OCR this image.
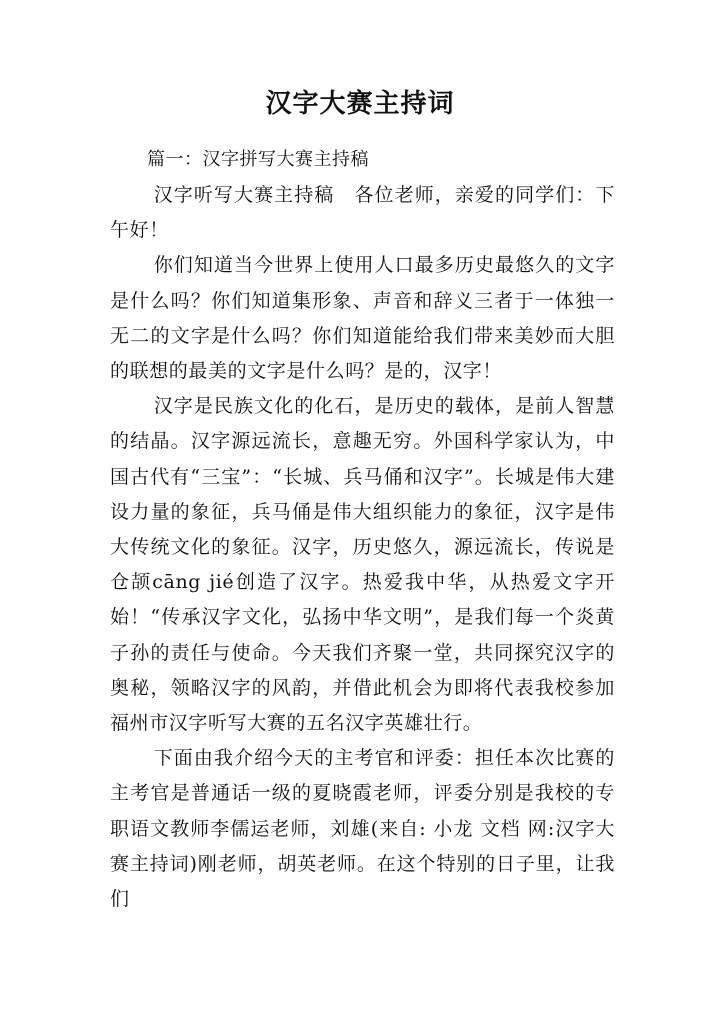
汉字大赛主持词
篇一：汉字拼写大赛主持稿

汉字听写大赛主持稿　各位老师，亲爱的同学们：下午好！

你们知道当今世界上使用人口最多历史最悠久的文字是什么吗？你们知道集形象、声音和辞义三者于一体独一无二的文字是什么吗？你们知道能给我们带来美妙而大胆的联想的最美的文字是什么吗？是的，汉字！

汉字是民族文化的化石，是历史的载体，是前人智慧的结晶。汉字源远流长，意趣无穷。外国科学家认为，中国古代有“三宝”：“长城、兵马俑和汉字”。长城是伟大建设力量的象征，兵马俑是伟大组织能力的象征，汉字是伟大传统文化的象征。汉字，历史悠久，源远流长，传说是仓颉cāng jié创造了汉字。热爱我中华，从热爱文字开始！“传承汉字文化，弘扬中华文明”，是我们每一个炎黄子孙的责任与使命。今天我们齐聚一堂，共同探究汉字的奥秘，领略汉字的风韵，并借此机会为即将代表我校参加福州市汉字听写大赛的五名汉字英雄壮行。

下面由我介绍今天的主考官和评委：担任本次比赛的主考官是普通话一级的夏晓霞老师，评委分别是我校的专职语文教师李儒运老师，刘雄(来自: 小龙 文档 网:汉字大赛主持词)刚老师，胡英老师。在这个特别的日子里，让我们
